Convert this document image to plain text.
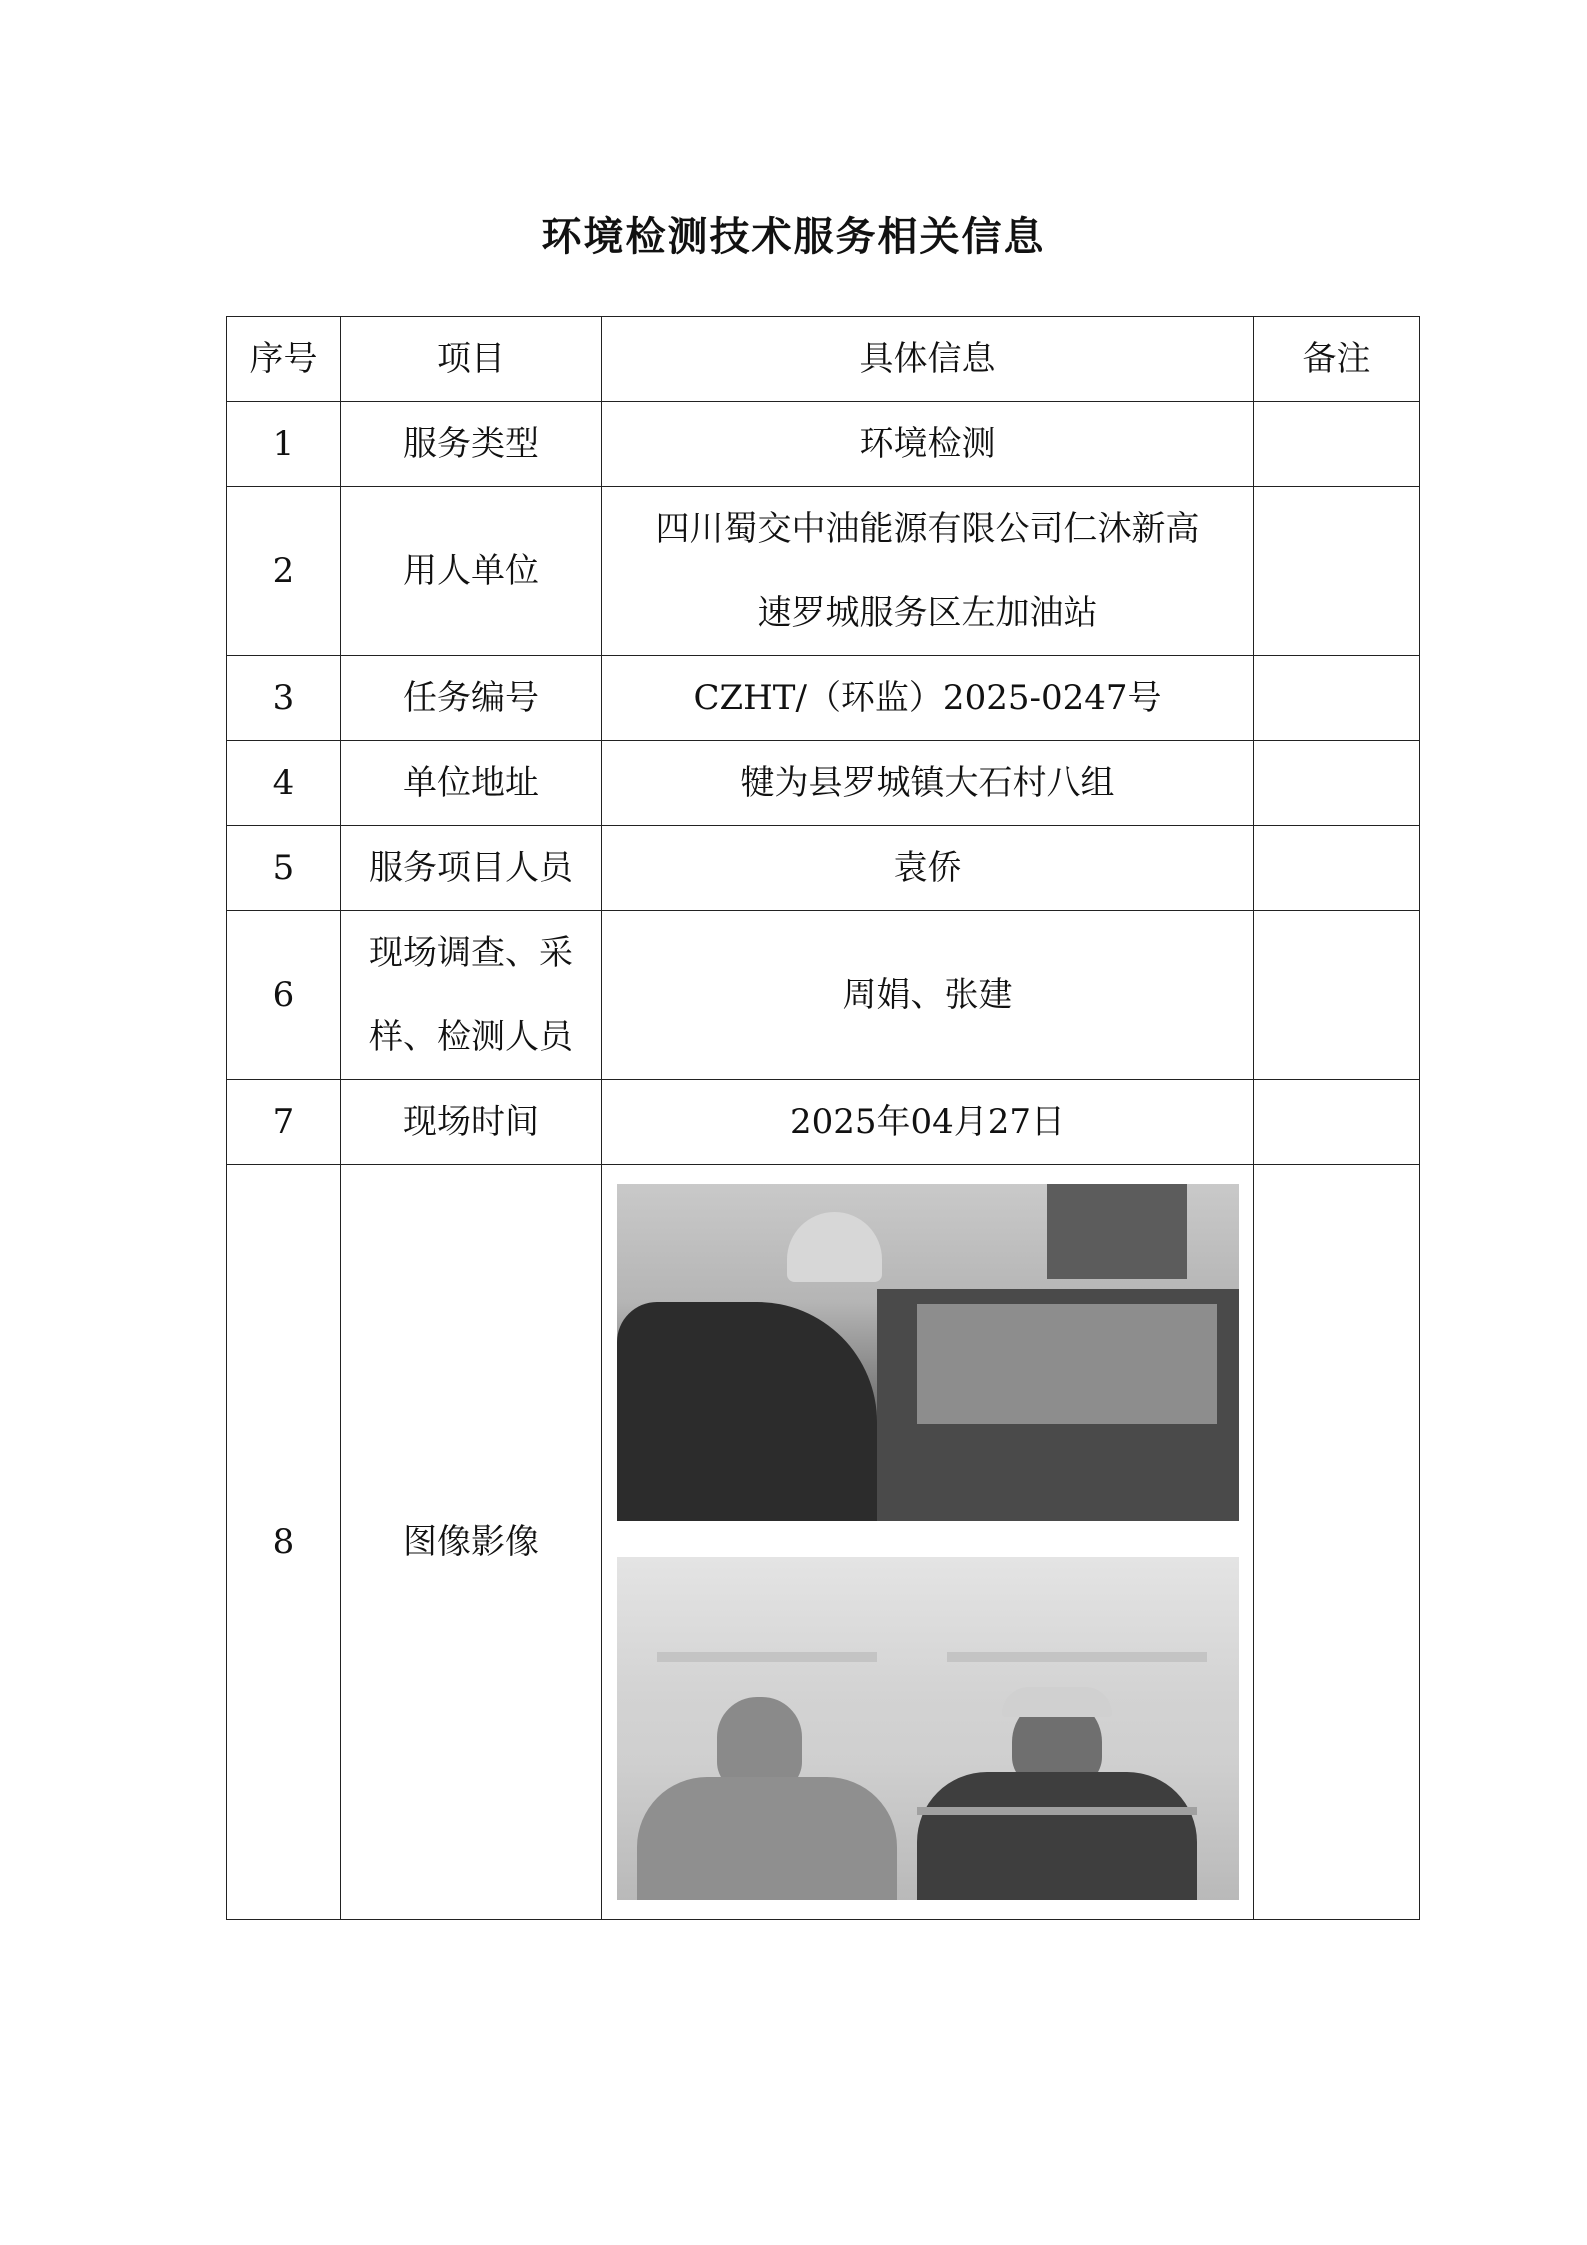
环境检测技术服务相关信息
序号	项目	具体信息	备注
1	服务类型	环境检测	
2	用人单位	四川蜀交中油能源有限公司仁沐新高
速罗城服务区左加油站	

3	任务编号	CZHT/（环监）2025-0247号	
4	单位地址	犍为县罗城镇大石村八组	
5	服务项目人员	袁侨	
6	现场调查、采
样、检测人员	周娟、张建	
7	现场时间	2025年04月27日	
8	图像影像	
